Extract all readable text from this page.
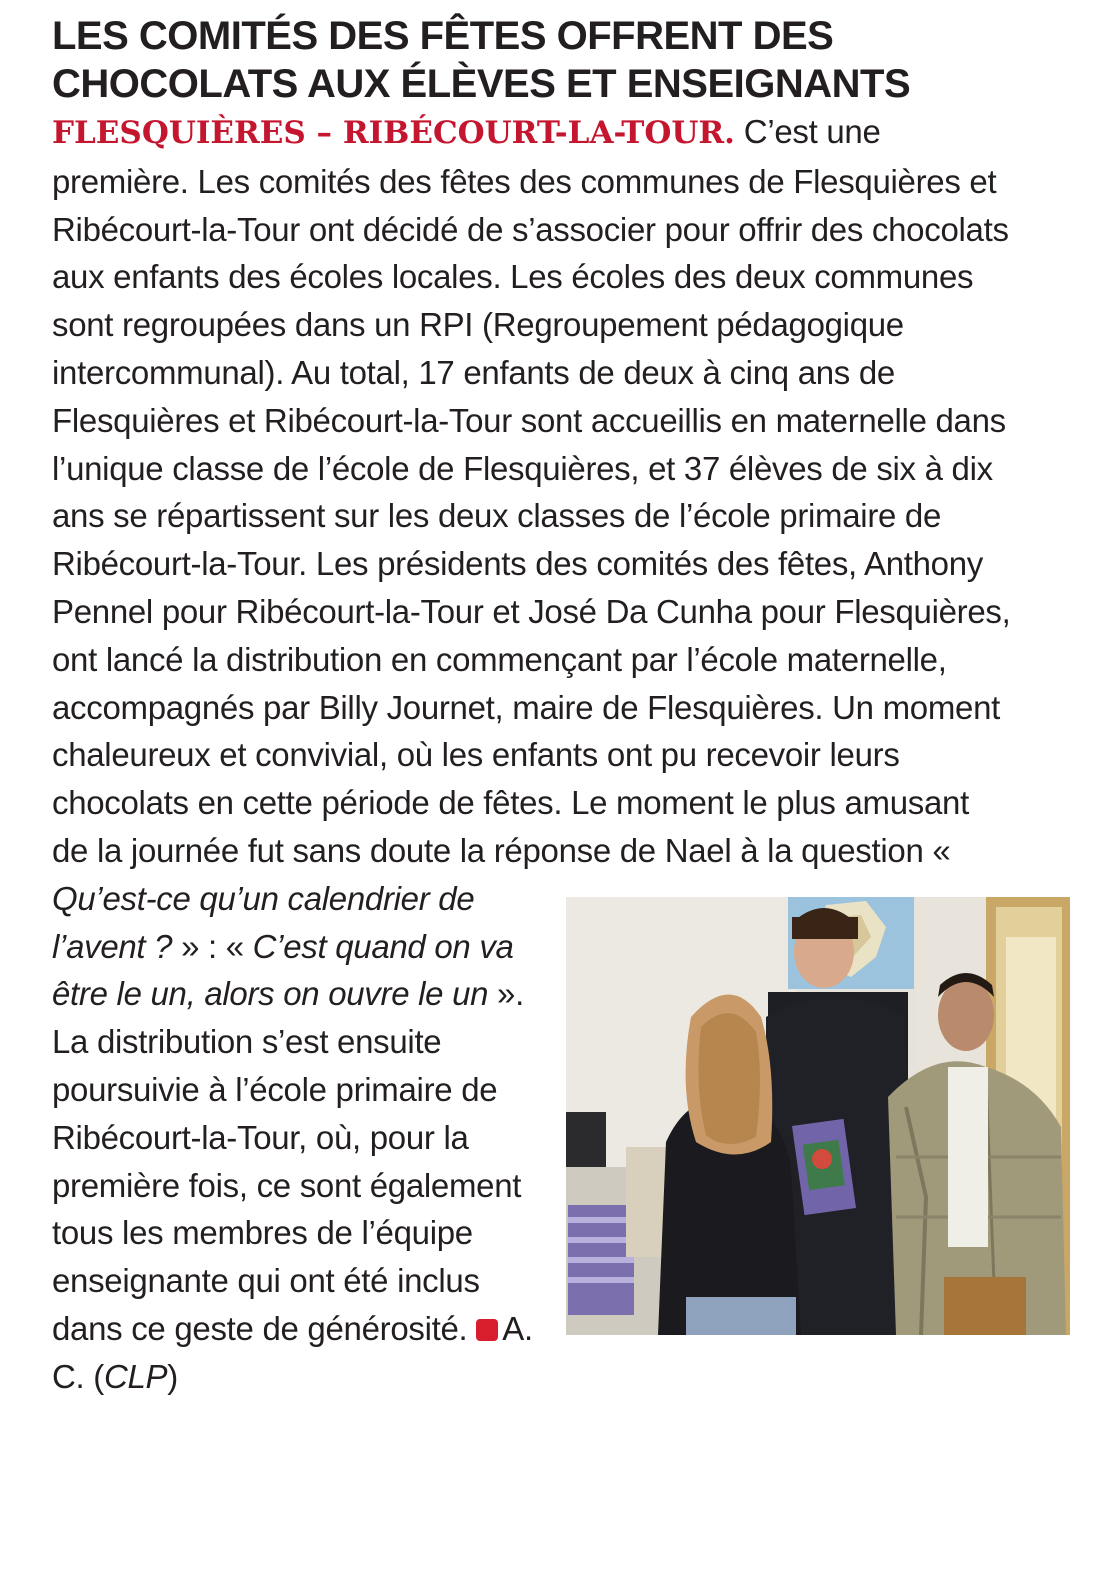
LES COMITÉS DES FÊTES OFFRENT DES
CHOCOLATS AUX ÉLÈVES ET ENSEIGNANTS

FLESQUIÈRES – RIBÉCOURT-LA-TOUR. C’est une première. Les comités des fêtes des communes de Flesquières et Ribécourt-la-Tour ont décidé de s’associer pour offrir des chocolats aux enfants des écoles locales. Les écoles des deux communes sont regroupées dans un RPI (Regroupement pédagogique intercommunal). Au total, 17 enfants de deux à cinq ans de Flesquières et Ribécourt-la-Tour sont accueillis en maternelle dans l’unique classe de l’école de Flesquières, et 37 élèves de six à dix ans se répartissent sur les deux classes de l’école primaire de Ribécourt-la-Tour. Les présidents des comités des fêtes, Anthony Pennel pour Ribécourt-la-Tour et José Da Cunha pour Flesquières, ont lancé la distribution en commençant par l’école maternelle, accompagnés par Billy Journet, maire de Flesquières. Un moment chaleureux et convivial, où les enfants ont pu recevoir leurs chocolats en cette période de fêtes. Le moment le plus amusant de la journée fut sans doute la réponse de Nael à la question «
Qu’est-ce qu’un calendrier de l’avent ? » : « C’est quand on va être le un, alors on ouvre le un ». La distribution s’est ensuite poursuivie à l’école primaire de Ribécourt-la-Tour, où, pour la première fois, ce sont également tous les membres de l’équipe enseignante qui ont été inclus dans ce geste de générosité. A. C. (CLP)
